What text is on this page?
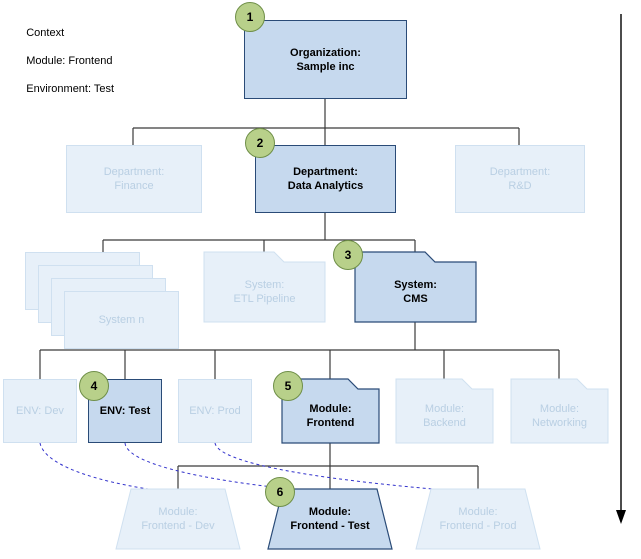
Context

Module: Frontend

Environment: Test

Organization:
Sample inc
Department:
Finance
Department:
Data Analytics
Department:
R&D
System n
System:
ETL Pipeline
System:
CMS
ENV: Dev	ENV: Test	ENV: Prod	Module:
Frontend
Module:
Backend
Module:
Networking
Module:
Frontend - Dev
Module:
Frontend - Test
Module:
Frontend - Prod
1
2
3
4	5
6
